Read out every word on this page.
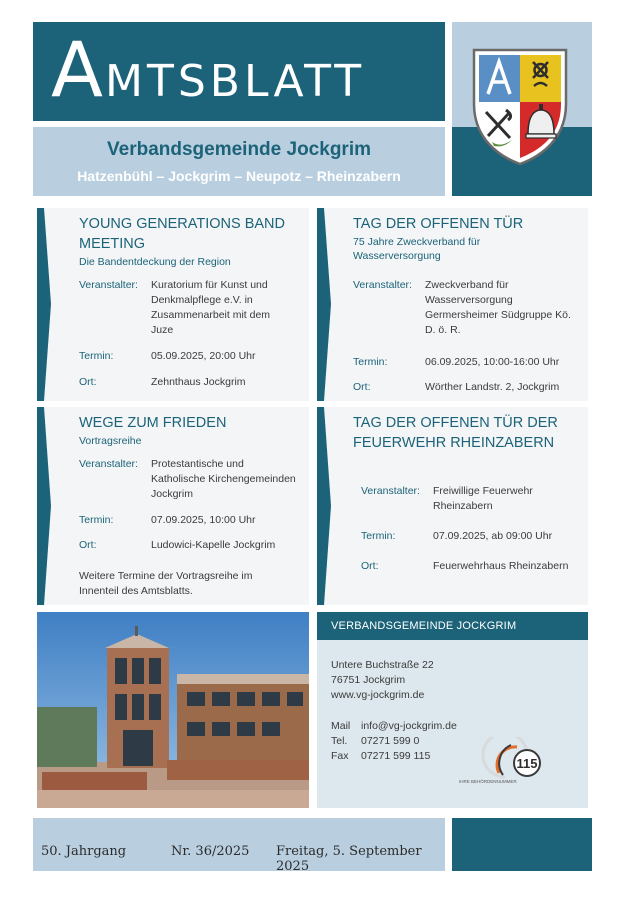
AMTSBLATT
Verbandsgemeinde Jockgrim
Hatzenbühl – Jockgrim – Neupotz – Rheinzabern
YOUNG GENERATIONS BAND MEETING
Die Bandentdeckung der Region
Veranstalter:	Kuratorium für Kunst und Denkmalpflege e.V. in Zusammenarbeit mit dem Juze
Termin:	05.09.2025, 20:00 Uhr
Ort:	Zehnthaus Jockgrim
TAG DER OFFENEN TÜR
75 Jahre Zweckverband für Wasserversorgung
Veranstalter:	Zweckverband für Wasserversorgung Germersheimer Südgruppe Kö. D. ö. R.
Termin:	06.09.2025, 10:00-16:00 Uhr
Ort:	Wörther Landstr. 2, Jockgrim
WEGE ZUM FRIEDEN
Vortragsreihe
Veranstalter:	Protestantische und Katholische Kirchengemeinden Jockgrim
Termin:	07.09.2025, 10:00 Uhr
Ort:	Ludowici-Kapelle Jockgrim
Weitere Termine der Vortragsreihe im Innenteil des Amtsblatts.
TAG DER OFFENEN TÜR DER FEUERWEHR RHEINZABERN
Veranstalter:	Freiwillige Feuerwehr Rheinzabern
Termin:	07.09.2025, ab 09:00 Uhr
Ort:	Feuerwehrhaus Rheinzabern
VERBANDSGEMEINDE JOCKGRIM
Untere Buchstraße 22
76751 Jockgrim
www.vg-jockgrim.de
Mail info@vg-jockgrim.de
Tel. 07271 599 0
Fax 07271 599 115	115
IHRE BEHÖRDENNUMMER
50. Jahrgang	Nr. 36/2025 Freitag, 5. September 2025
